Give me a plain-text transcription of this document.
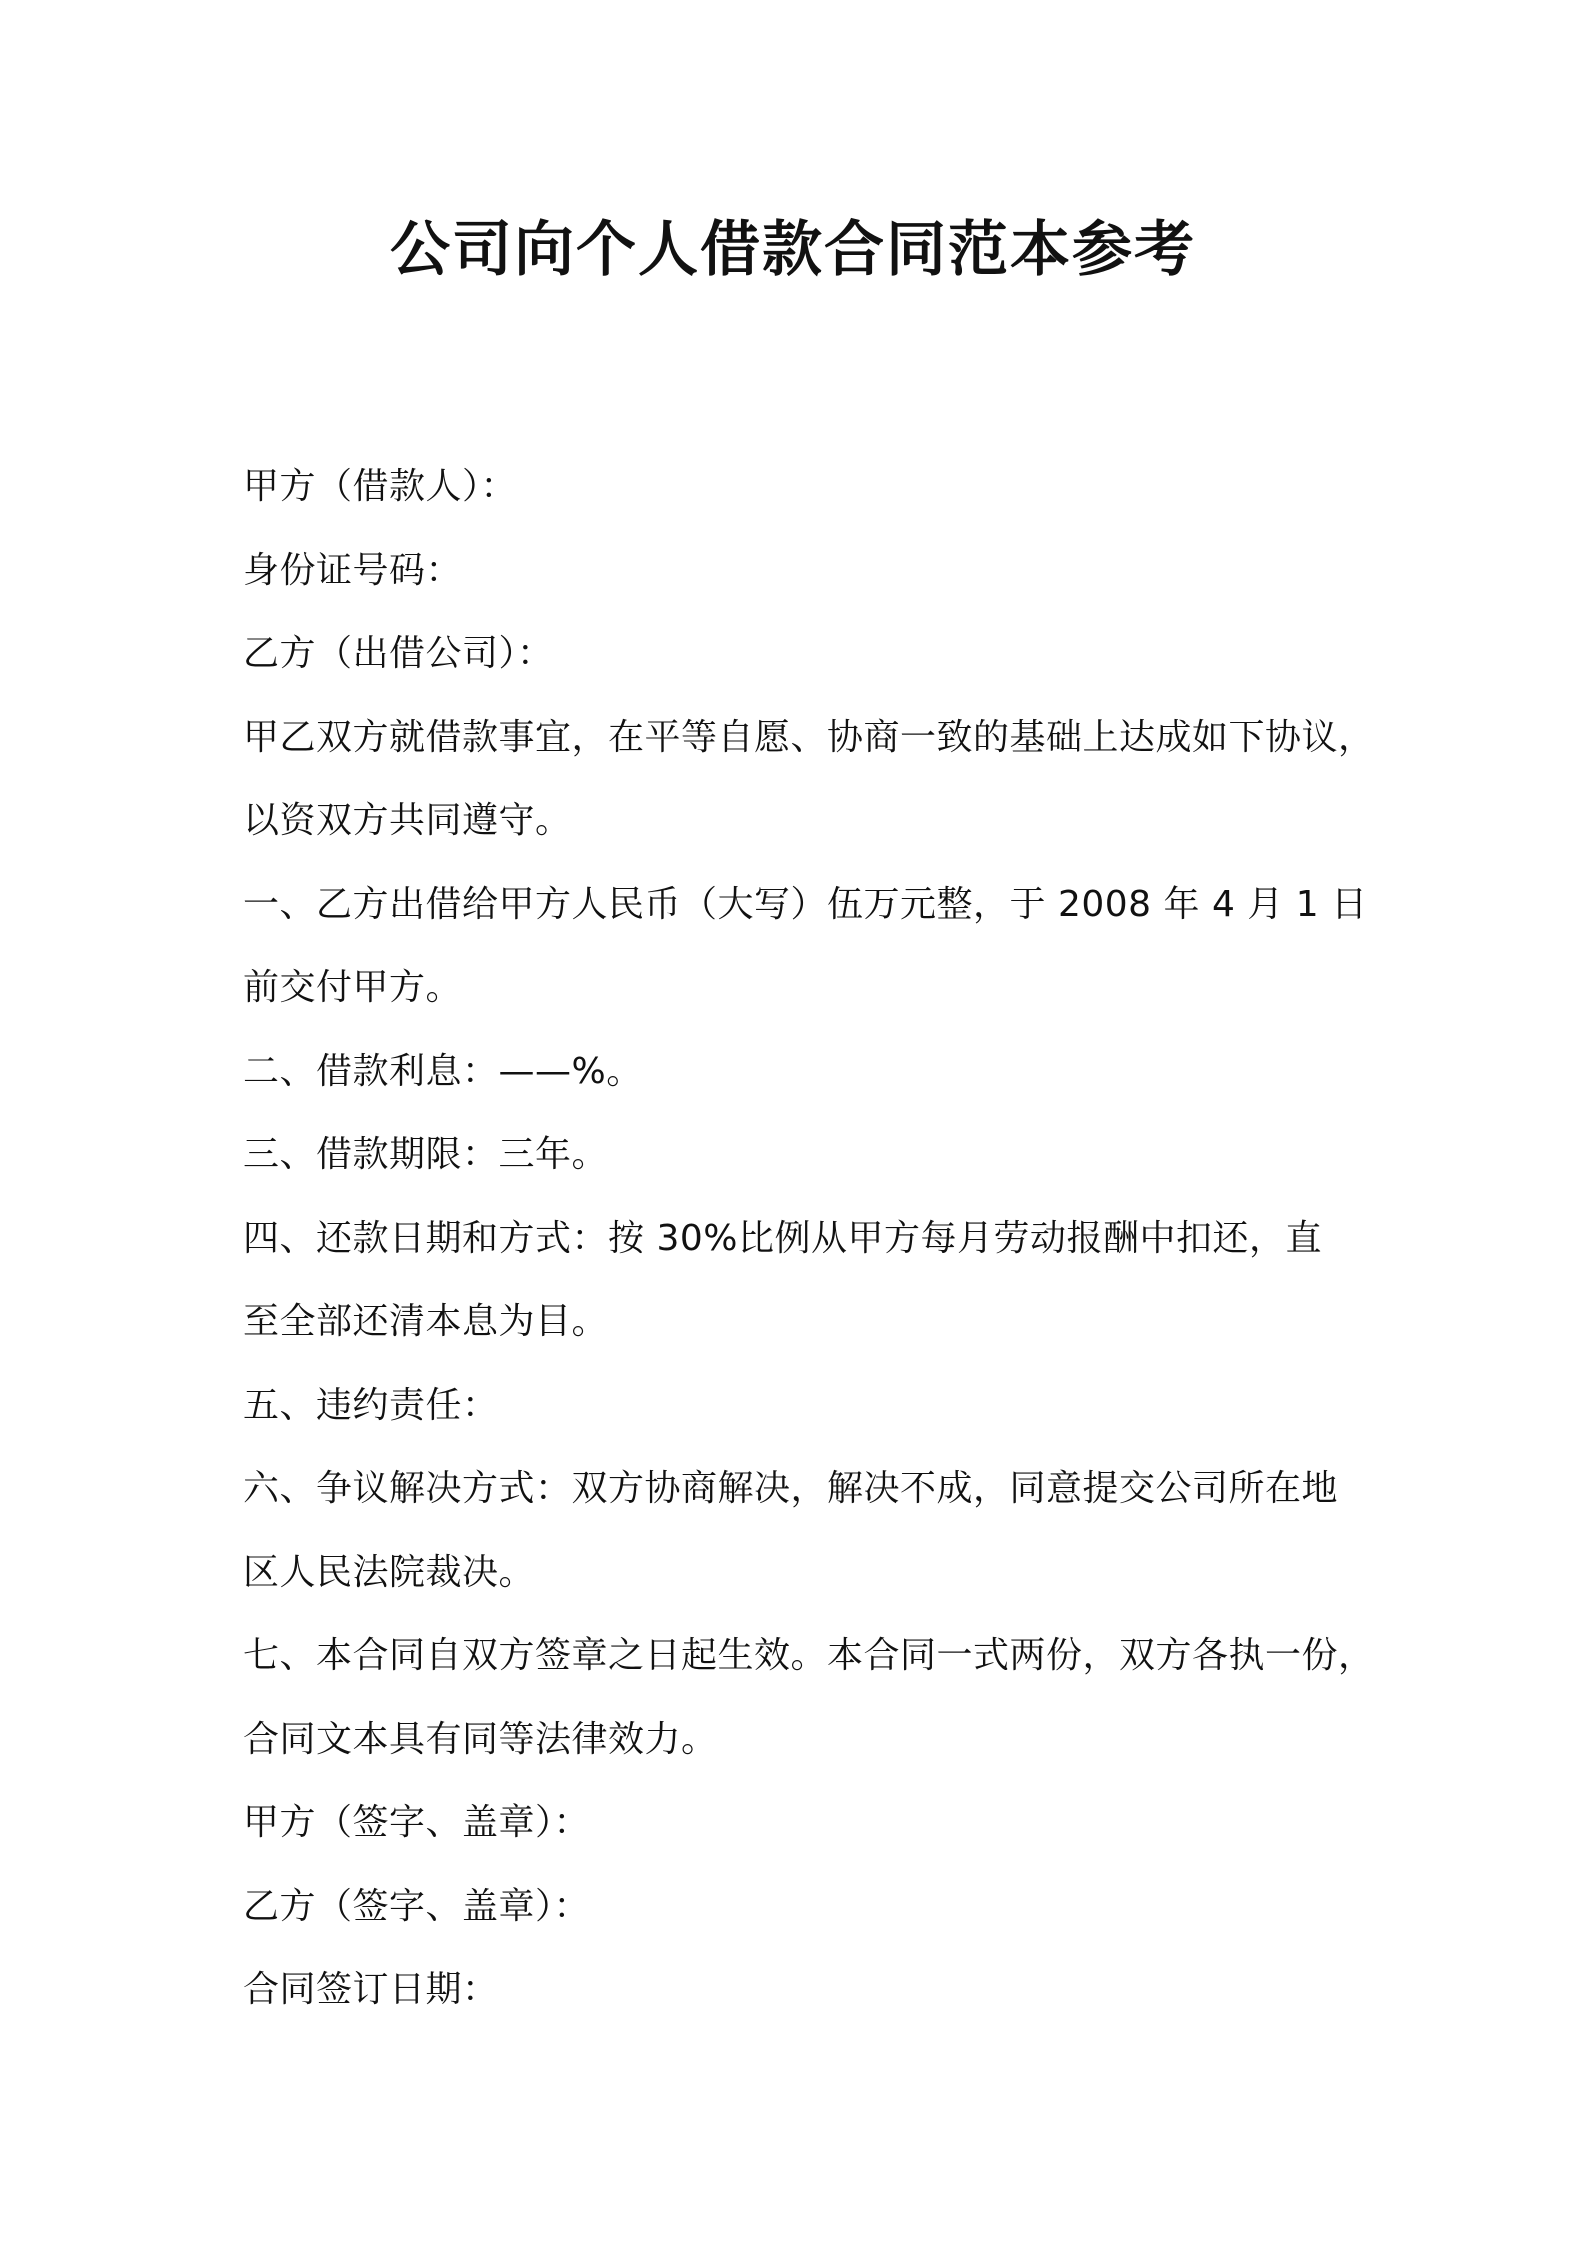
公司向个人借款合同范本参考
甲方（借款人）：
身份证号码：
乙方（出借公司）：
甲乙双方就借款事宜，在平等自愿、协商一致的基础上达成如下协议，
以资双方共同遵守。
一、乙方出借给甲方人民币（大写）伍万元整，于 2008 年 4 月 1 日
前交付甲方。
二、借款利息：——%。
三、借款期限：三年。
四、还款日期和方式：按 30%比例从甲方每月劳动报酬中扣还，直
至全部还清本息为目。
五、违约责任：
六、争议解决方式：双方协商解决，解决不成，同意提交公司所在地
区人民法院裁决。
七、本合同自双方签章之日起生效。本合同一式两份，双方各执一份，
合同文本具有同等法律效力。
甲方（签字、盖章）：
乙方（签字、盖章）：
合同签订日期：
